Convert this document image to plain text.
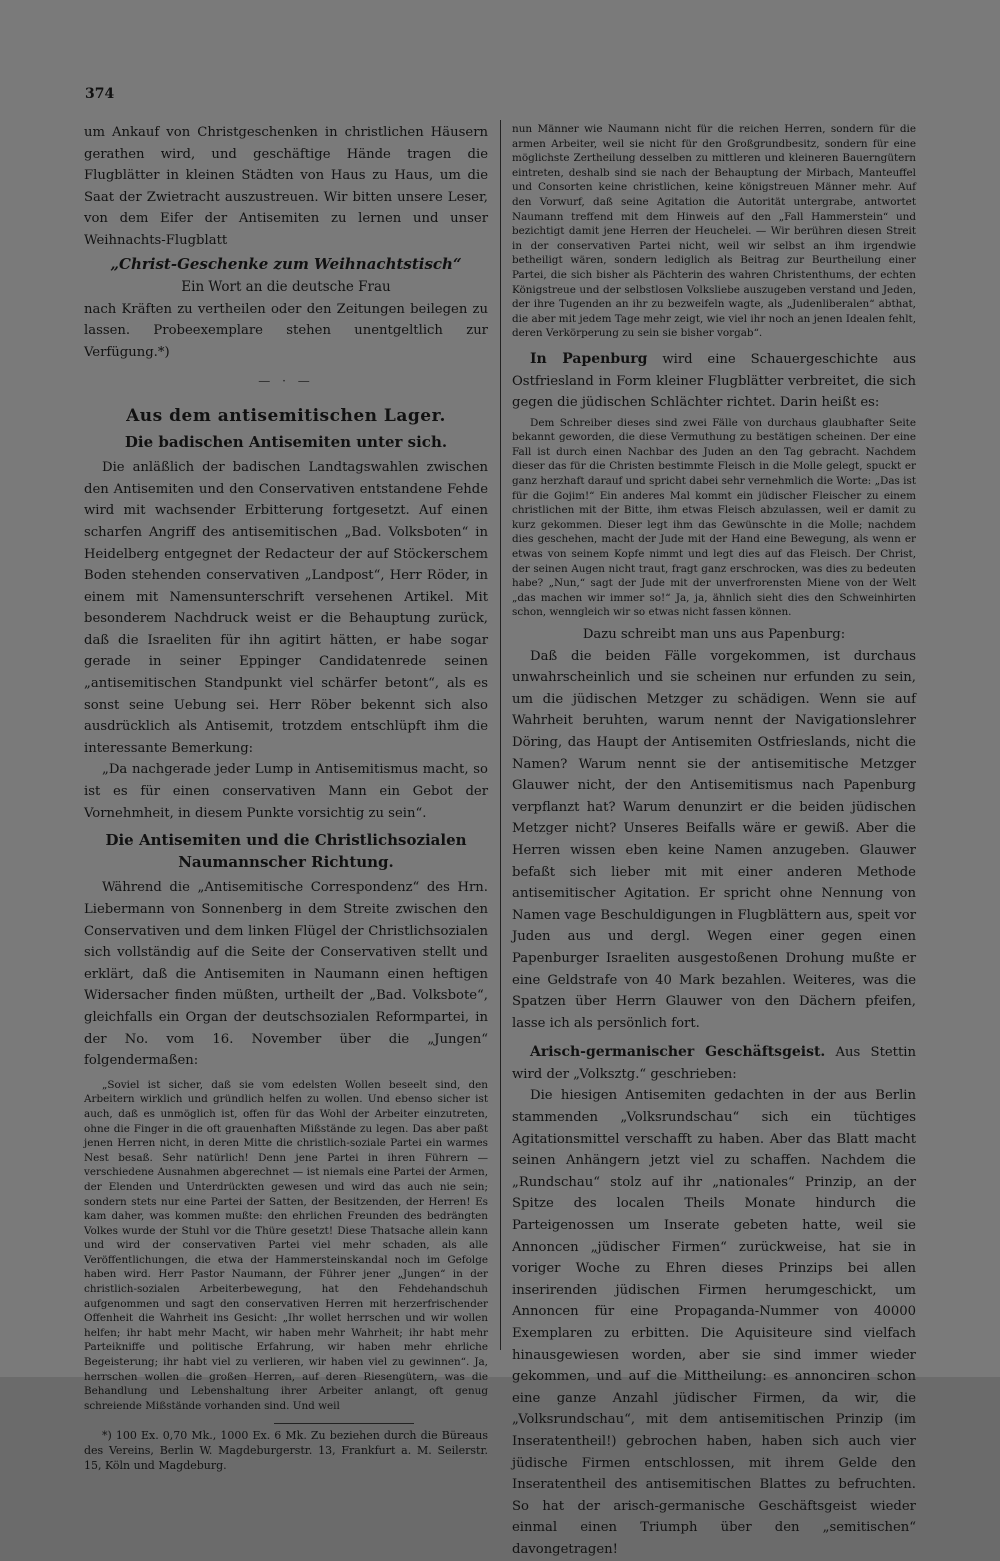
374

um Ankauf von Christgeschenken in christlichen Häusern gerathen wird, und geschäftige Hände tragen die Flugblätter in kleinen Städten von Haus zu Haus, um die Saat der Zwietracht auszustreuen. Wir bitten unsere Leser, von dem Eifer der Antisemiten zu lernen und unser Weihnachts-Flugblatt

„Christ-Geschenke zum Weihnachtstisch“
Ein Wort an die deutsche Frau

nach Kräften zu vertheilen oder den Zeitungen beilegen zu lassen. Probeexemplare stehen unentgeltlich zur Verfügung.*)

— · —
Aus dem antisemitischen Lager.
Die badischen Antisemiten unter sich.

Die anläßlich der badischen Landtagswahlen zwischen den Antisemiten und den Conservativen entstandene Fehde wird mit wachsender Erbitterung fortgesetzt. Auf einen scharfen Angriff des antisemitischen „Bad. Volksboten“ in Heidelberg entgegnet der Redacteur der auf Stöckerschem Boden stehenden conservativen „Landpost“, Herr Röder, in einem mit Namensunterschrift versehenen Artikel. Mit besonderem Nachdruck weist er die Behauptung zurück, daß die Israeliten für ihn agitirt hätten, er habe sogar gerade in seiner Eppinger Candidatenrede seinen „antisemitischen Standpunkt viel schärfer betont“, als es sonst seine Uebung sei. Herr Röber bekennt sich also ausdrücklich als Antisemit, trotzdem entschlüpft ihm die interessante Bemerkung:

„Da nachgerade jeder Lump in Antisemitismus macht, so ist es für einen conservativen Mann ein Gebot der Vornehmheit, in diesem Punkte vorsichtig zu sein“.

Die Antisemiten und die Christlichsozialen Naumannscher Richtung.

Während die „Antisemitische Correspondenz“ des Hrn. Liebermann von Sonnenberg in dem Streite zwischen den Conservativen und dem linken Flügel der Christlichsozialen sich vollständig auf die Seite der Conservativen stellt und erklärt, daß die Antisemiten in Naumann einen heftigen Widersacher finden müßten, urtheilt der „Bad. Volksbote“, gleichfalls ein Organ der deutschsozialen Reformpartei, in der No. vom 16. November über die „Jungen“ folgendermaßen:

„Soviel ist sicher, daß sie vom edelsten Wollen beseelt sind, den Arbeitern wirklich und gründlich helfen zu wollen. Und ebenso sicher ist auch, daß es unmöglich ist, offen für das Wohl der Arbeiter einzutreten, ohne die Finger in die oft grauenhaften Mißstände zu legen. Das aber paßt jenen Herren nicht, in deren Mitte die christlich-soziale Partei ein warmes Nest besaß. Sehr natürlich! Denn jene Partei in ihren Führern — verschiedene Ausnahmen abgerechnet — ist niemals eine Partei der Armen, der Elenden und Unterdrückten gewesen und wird das auch nie sein; sondern stets nur eine Partei der Satten, der Besitzenden, der Herren! Es kam daher, was kommen mußte: den ehrlichen Freunden des bedrängten Volkes wurde der Stuhl vor die Thüre gesetzt! Diese Thatsache allein kann und wird der conservativen Partei viel mehr schaden, als alle Veröffentlichungen, die etwa der Hammersteinskandal noch im Gefolge haben wird. Herr Pastor Naumann, der Führer jener „Jungen“ in der christlich-sozialen Arbeiterbewegung, hat den Fehdehandschuh aufgenommen und sagt den conservativen Herren mit herzerfrischender Offenheit die Wahrheit ins Gesicht: „Ihr wollet herrschen und wir wollen helfen; ihr habt mehr Macht, wir haben mehr Wahrheit; ihr habt mehr Parteikniffe und politische Erfahrung, wir haben mehr ehrliche Begeisterung; ihr habt viel zu verlieren, wir haben viel zu gewinnen“. Ja, herrschen wollen die großen Herren, auf deren Riesengütern, was die Behandlung und Lebenshaltung ihrer Arbeiter anlangt, oft genug schreiende Mißstände vorhanden sind. Und weil

*) 100 Ex. 0,70 Mk., 1000 Ex. 6 Mk. Zu beziehen durch die Büreaus des Vereins, Berlin W. Magdeburgerstr. 13, Frankfurt a. M. Seilerstr. 15, Köln und Magdeburg.

nun Männer wie Naumann nicht für die reichen Herren, sondern für die armen Arbeiter, weil sie nicht für den Großgrundbesitz, sondern für eine möglichste Zertheilung desselben zu mittleren und kleineren Bauerngütern eintreten, deshalb sind sie nach der Behauptung der Mirbach, Manteuffel und Consorten keine christlichen, keine königstreuen Männer mehr. Auf den Vorwurf, daß seine Agitation die Autorität untergrabe, antwortet Naumann treffend mit dem Hinweis auf den „Fall Hammerstein“ und bezichtigt damit jene Herren der Heuchelei. — Wir berühren diesen Streit in der conservativen Partei nicht, weil wir selbst an ihm irgendwie betheiligt wären, sondern lediglich als Beitrag zur Beurtheilung einer Partei, die sich bisher als Pächterin des wahren Christenthums, der echten Königstreue und der selbstlosen Volksliebe auszugeben verstand und Jeden, der ihre Tugenden an ihr zu bezweifeln wagte, als „Judenliberalen“ abthat, die aber mit jedem Tage mehr zeigt, wie viel ihr noch an jenen Idealen fehlt, deren Verkörperung zu sein sie bisher vorgab“.

In Papenburg wird eine Schauergeschichte aus Ostfriesland in Form kleiner Flugblätter verbreitet, die sich gegen die jüdischen Schlächter richtet. Darin heißt es:

Dem Schreiber dieses sind zwei Fälle von durchaus glaubhafter Seite bekannt geworden, die diese Vermuthung zu bestätigen scheinen. Der eine Fall ist durch einen Nachbar des Juden an den Tag gebracht. Nachdem dieser das für die Christen bestimmte Fleisch in die Molle gelegt, spuckt er ganz herzhaft darauf und spricht dabei sehr vernehmlich die Worte: „Das ist für die Gojim!“ Ein anderes Mal kommt ein jüdischer Fleischer zu einem christlichen mit der Bitte, ihm etwas Fleisch abzulassen, weil er damit zu kurz gekommen. Dieser legt ihm das Gewünschte in die Molle; nachdem dies geschehen, macht der Jude mit der Hand eine Bewegung, als wenn er etwas von seinem Kopfe nimmt und legt dies auf das Fleisch. Der Christ, der seinen Augen nicht traut, fragt ganz erschrocken, was dies zu bedeuten habe? „Nun,“ sagt der Jude mit der unverfrorensten Miene von der Welt „das machen wir immer so!“ Ja, ja, ähnlich sieht dies den Schweinhirten schon, wenngleich wir so etwas nicht fassen können.

Dazu schreibt man uns aus Papenburg:

Daß die beiden Fälle vorgekommen, ist durchaus unwahrscheinlich und sie scheinen nur erfunden zu sein, um die jüdischen Metzger zu schädigen. Wenn sie auf Wahrheit beruhten, warum nennt der Navigationslehrer Döring, das Haupt der Antisemiten Ostfrieslands, nicht die Namen? Warum nennt sie der antisemitische Metzger Glauwer nicht, der den Antisemitismus nach Papenburg verpflanzt hat? Warum denunzirt er die beiden jüdischen Metzger nicht? Unseres Beifalls wäre er gewiß. Aber die Herren wissen eben keine Namen anzugeben. Glauwer befaßt sich lieber mit mit einer anderen Methode antisemitischer Agitation. Er spricht ohne Nennung von Namen vage Beschuldigungen in Flugblättern aus, speit vor Juden aus und dergl. Wegen einer gegen einen Papenburger Israeliten ausgestoßenen Drohung mußte er eine Geldstrafe von 40 Mark bezahlen. Weiteres, was die Spatzen über Herrn Glauwer von den Dächern pfeifen, lasse ich als persönlich fort.

Arisch-germanischer Geschäftsgeist. Aus Stettin wird der „Volksztg.“ geschrieben:

Die hiesigen Antisemiten gedachten in der aus Berlin stammenden „Volksrundschau“ sich ein tüchtiges Agitationsmittel verschafft zu haben. Aber das Blatt macht seinen Anhängern jetzt viel zu schaffen. Nachdem die „Rundschau“ stolz auf ihr „nationales“ Prinzip, an der Spitze des localen Theils Monate hindurch die Parteigenossen um Inserate gebeten hatte, weil sie Annoncen „jüdischer Firmen“ zurückweise, hat sie in voriger Woche zu Ehren dieses Prinzips bei allen inserirenden jüdischen Firmen herumgeschickt, um Annoncen für eine Propaganda-Nummer von 40000 Exemplaren zu erbitten. Die Aquisiteure sind vielfach hinausgewiesen worden, aber sie sind immer wieder gekommen, und auf die Mittheilung: es annonciren schon eine ganze Anzahl jüdischer Firmen, da wir, die „Volksrundschau“, mit dem antisemitischen Prinzip (im Inseratentheil!) gebrochen haben, haben sich auch vier jüdische Firmen entschlossen, mit ihrem Gelde den Inseratentheil des antisemitischen Blattes zu befruchten. So hat der arisch-germanische Geschäftsgeist wieder einmal einen Triumph über den „semitischen“ davongetragen!
